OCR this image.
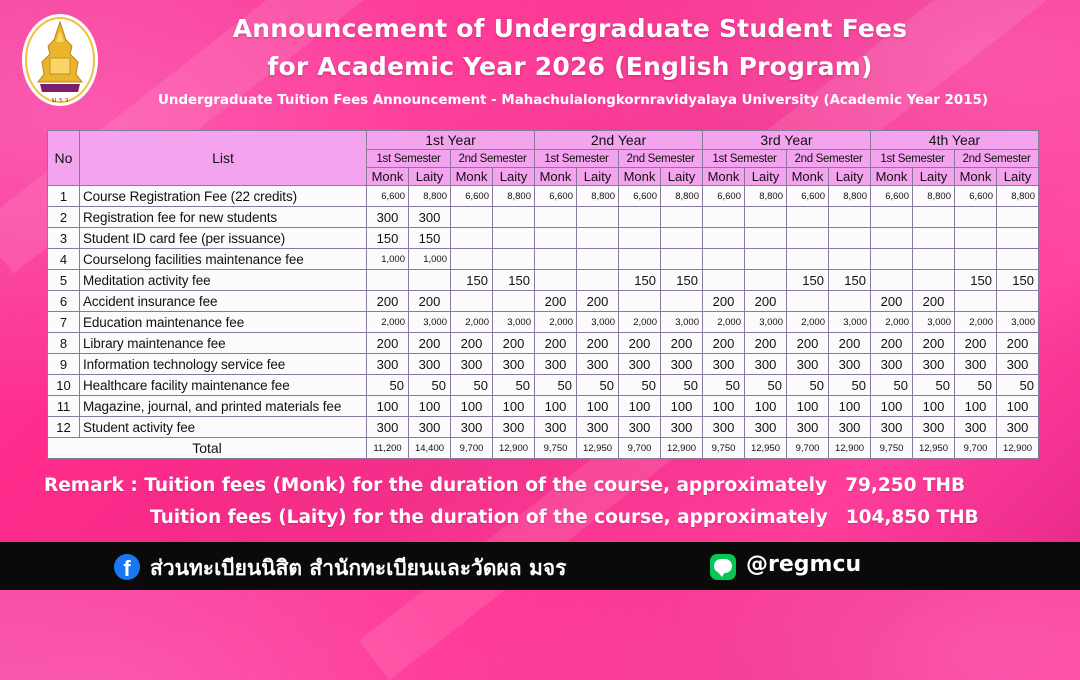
ม ร ว
Announcement of Undergraduate Student Fees
for Academic Year 2026 (English Program)
Undergraduate Tuition Fees Announcement - Mahachulalongkornravidyalaya University (Academic Year 2015)
No	List	1st Year				2nd Year				3rd Year				4th Year			
		1st Semester		2nd Semester		1st Semester		2nd Semester		1st Semester		2nd Semester		1st Semester		2nd Semester	
		Monk	Laity	Monk	Laity	Monk	Laity	Monk	Laity	Monk	Laity	Monk	Laity	Monk	Laity	Monk	Laity
1	Course Registration Fee (22 credits)	6,600	8,800	6,600	8,800	6,600	8,800	6,600	8,800	6,600	8,800	6,600	8,800	6,600	8,800	6,600	8,800
2	Registration fee for new students	300	300														
3	Student ID card fee (per issuance)	150	150														
4	Courselong facilities maintenance fee	1,000	1,000														
5	Meditation activity fee			150	150			150	150			150	150			150	150
6	Accident insurance fee	200	200			200	200			200	200			200	200		
7	Education maintenance fee	2,000	3,000	2,000	3,000	2,000	3,000	2,000	3,000	2,000	3,000	2,000	3,000	2,000	3,000	2,000	3,000
8	Library maintenance fee	200	200	200	200	200	200	200	200	200	200	200	200	200	200	200	200
9	Information technology service fee	300	300	300	300	300	300	300	300	300	300	300	300	300	300	300	300
10	Healthcare facility maintenance fee	50	50	50	50	50	50	50	50	50	50	50	50	50	50	50	50
11	Magazine, journal, and printed materials fee	100	100	100	100	100	100	100	100	100	100	100	100	100	100	100	100
12	Student activity fee	300	300	300	300	300	300	300	300	300	300	300	300	300	300	300	300
Total		11,200	14,400	9,700	12,900	9,750	12,950	9,700	12,900	9,750	12,950	9,700	12,900	9,750	12,950	9,700	12,900
Remark : Tuition fees (Monk) for the duration of the course, approximately 79,250 THB
Tuition fees (Laity) for the duration of the course, approximately 104,850 THB
f ส่วนทะเบียนนิสิต สำนักทะเบียนและวัดผล มจร	@regmcu
